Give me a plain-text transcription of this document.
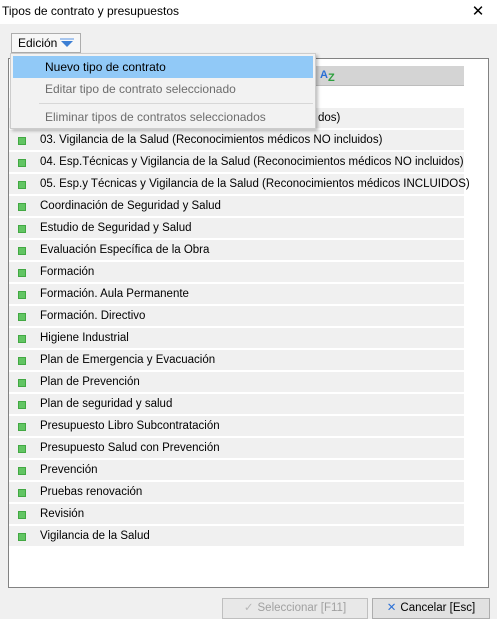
Tipos de contrato y presupuestos	✕
Edición
A Z
dos)
03. Vigilancia de la Salud (Reconocimientos médicos NO incluidos)
04. Esp.Técnicas y Vigilancia de la Salud (Reconocimientos médicos NO incluidos)
05. Esp.y Técnicas y Vigilancia de la Salud (Reconocimientos médicos INCLUIDOS)
Coordinación de Seguridad y Salud
Estudio de Seguridad y Salud
Evaluación Específica de la Obra
Formación
Formación. Aula Permanente
Formación. Directivo
Higiene Industrial
Plan de Emergencia y Evacuación
Plan de Prevención
Plan de seguridad y salud
Presupuesto Libro Subcontratación
Presupuesto Salud con Prevención
Prevención
Pruebas renovación
Revisión
Vigilancia de la Salud
Nuevo tipo de contrato
Editar tipo de contrato seleccionado
Eliminar tipos de contratos seleccionados
✓ Seleccionar [F11]	✕ Cancelar [Esc]
